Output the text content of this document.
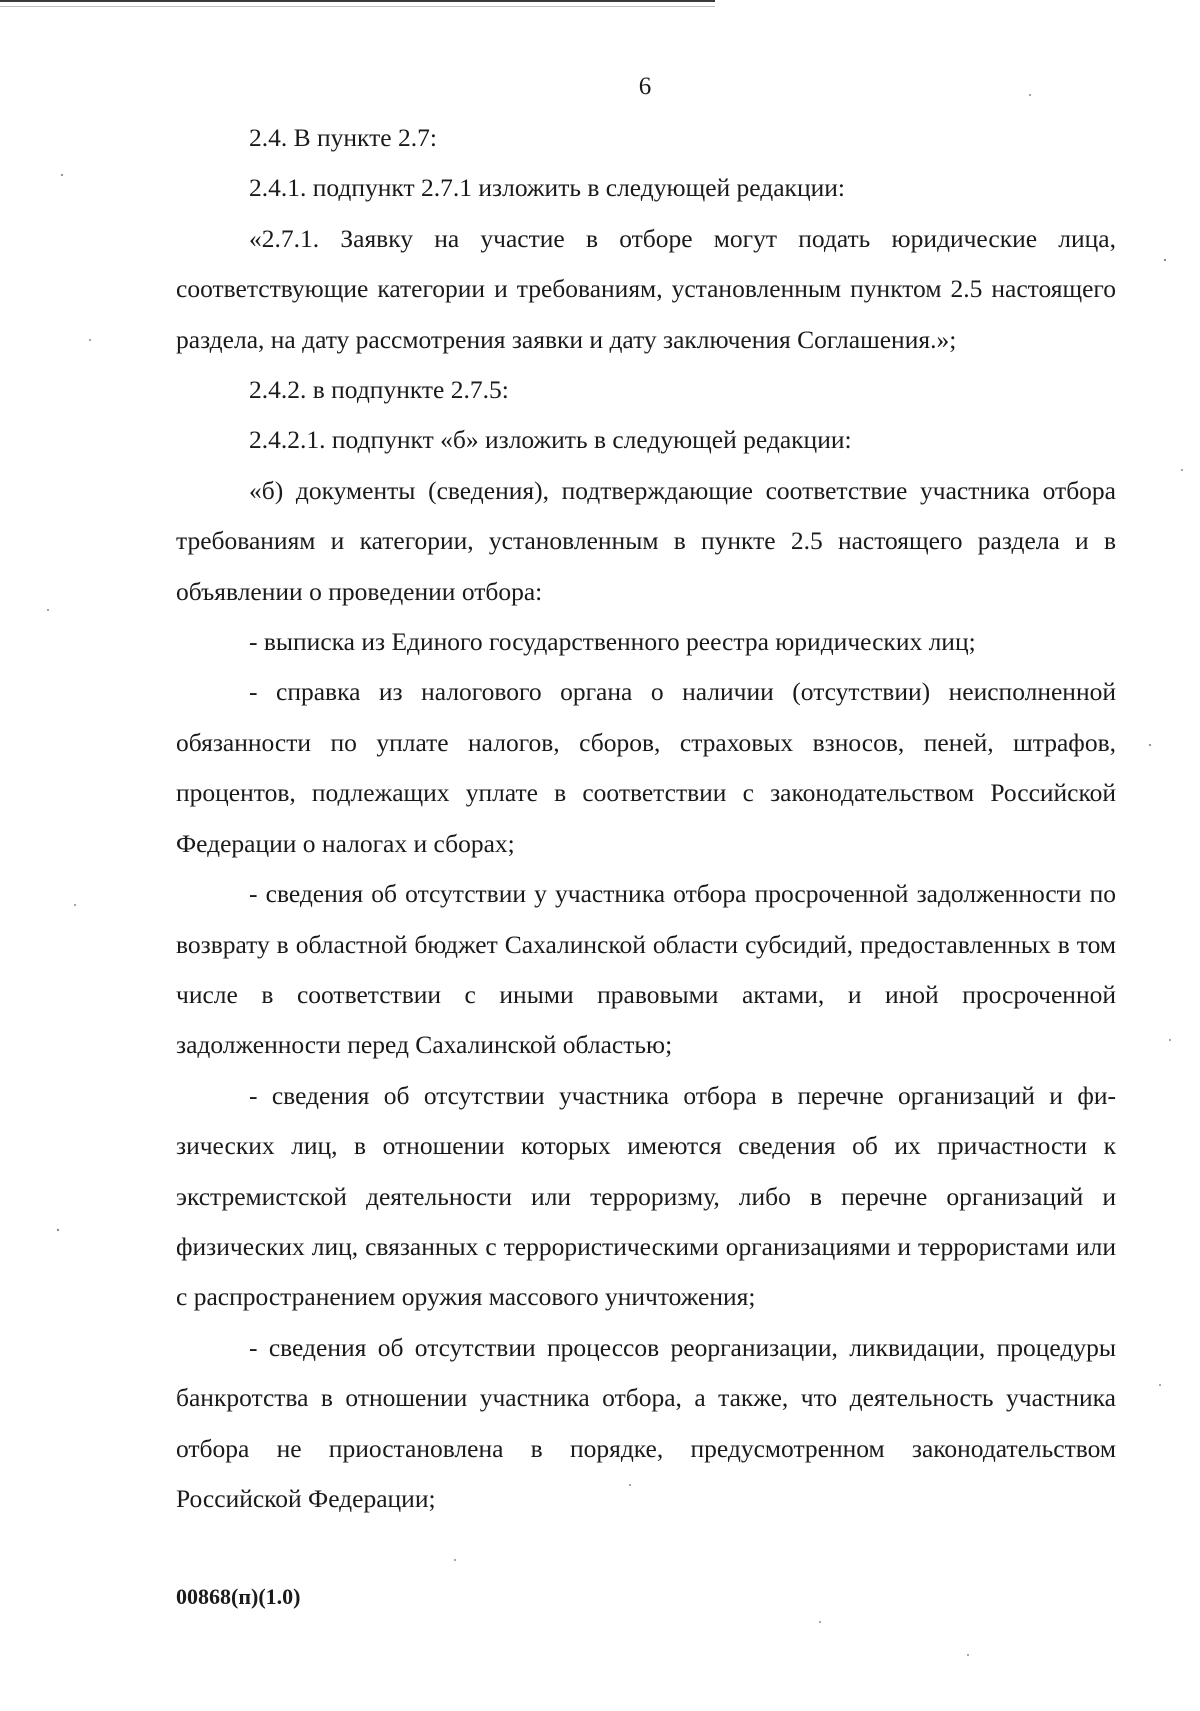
6

2.4. В пункте 2.7:

2.4.1. подпункт 2.7.1 изложить в следующей редакции:

«2.7.1. Заявку на участие в отборе могут подать юридические лица, соответствующие категории и требованиям, установленным пунктом 2.5 настоящего раздела, на дату рассмотрения заявки и дату заключения Соглашения.»;

2.4.2. в подпункте 2.7.5:

2.4.2.1. подпункт «б» изложить в следующей редакции:

«б) документы (сведения), подтверждающие соответствие участника отбора требованиям и категории, установленным в пункте 2.5 настоящего раздела и в объявлении о проведении отбора:

- выписка из Единого государственного реестра юридических лиц;

- справка из налогового органа о наличии (отсутствии) неисполненной обязанности по уплате налогов, сборов, страховых взносов, пеней, штрафов, процентов, подлежащих уплате в соответствии с законодательством Российской Федерации о налогах и сборах;

- сведения об отсутствии у участника отбора просроченной задолженности по возврату в областной бюджет Сахалинской области субсидий, предоставленных в том числе в соответствии с иными правовыми актами, и иной просроченной задолженности перед Сахалинской областью;

- сведения об отсутствии участника отбора в перечне организаций и физических лиц, в отношении которых имеются сведения об их причастности к экстремистской деятельности или терроризму, либо в перечне организаций и физических лиц, связанных с террористическими организациями и террористами или с распространением оружия массового уничтожения;

- сведения об отсутствии процессов реорганизации, ликвидации, процедуры банкротства в отношении участника отбора, а также, что деятельность участника отбора не приостановлена в порядке, предусмотренном законодательством Российской Федерации;

00868(п)(1.0)
